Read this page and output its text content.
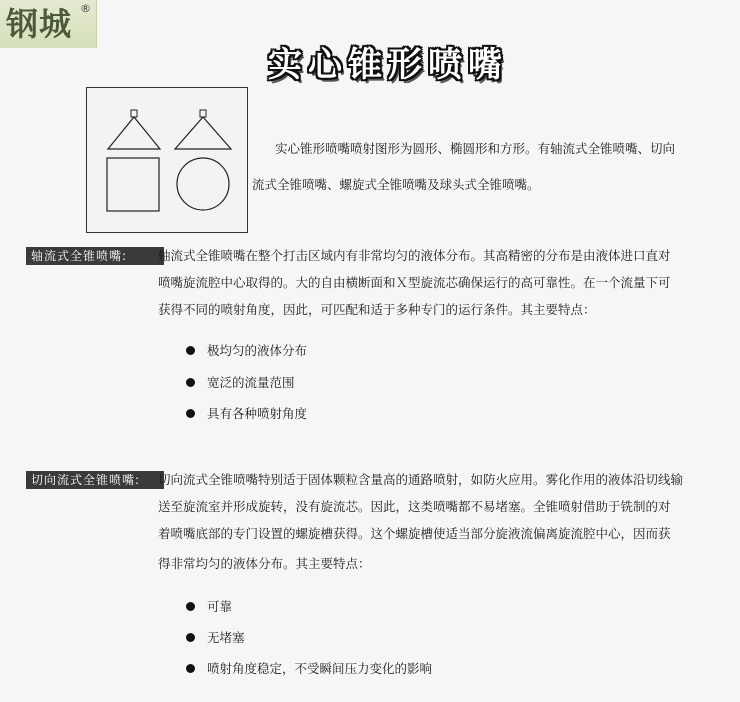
钢城 ®
实心锥形喷嘴
实心锥形喷嘴喷射图形为圆形、椭圆形和方形。有轴流式全锥喷嘴、切向
流式全锥喷嘴、螺旋式全锥喷嘴及球头式全锥喷嘴。
轴流式全锥喷嘴:	轴流式全锥喷嘴在整个打击区域内有非常均匀的液体分布。其高精密的分布是由液体进口直对
喷嘴旋流腔中心取得的。大的自由横断面和Ｘ型旋流芯确保运行的高可靠性。在一个流量下可
获得不同的喷射角度，因此，可匹配和适于多种专门的运行条件。其主要特点：
极均匀的液体分布
宽泛的流量范围
具有各种喷射角度
切向流式全锥喷嘴:	切向流式全锥喷嘴特别适于固体颗粒含量高的通路喷射，如防火应用。雾化作用的液体沿切线输
送至旋流室并形成旋转，没有旋流芯。因此，这类喷嘴都不易堵塞。全锥喷射借助于铣制的对
着喷嘴底部的专门设置的螺旋槽获得。这个螺旋槽使适当部分旋液流偏离旋流腔中心，因而获
得非常均匀的液体分布。其主要特点：
可靠
无堵塞
喷射角度稳定，不受瞬间压力变化的影响
